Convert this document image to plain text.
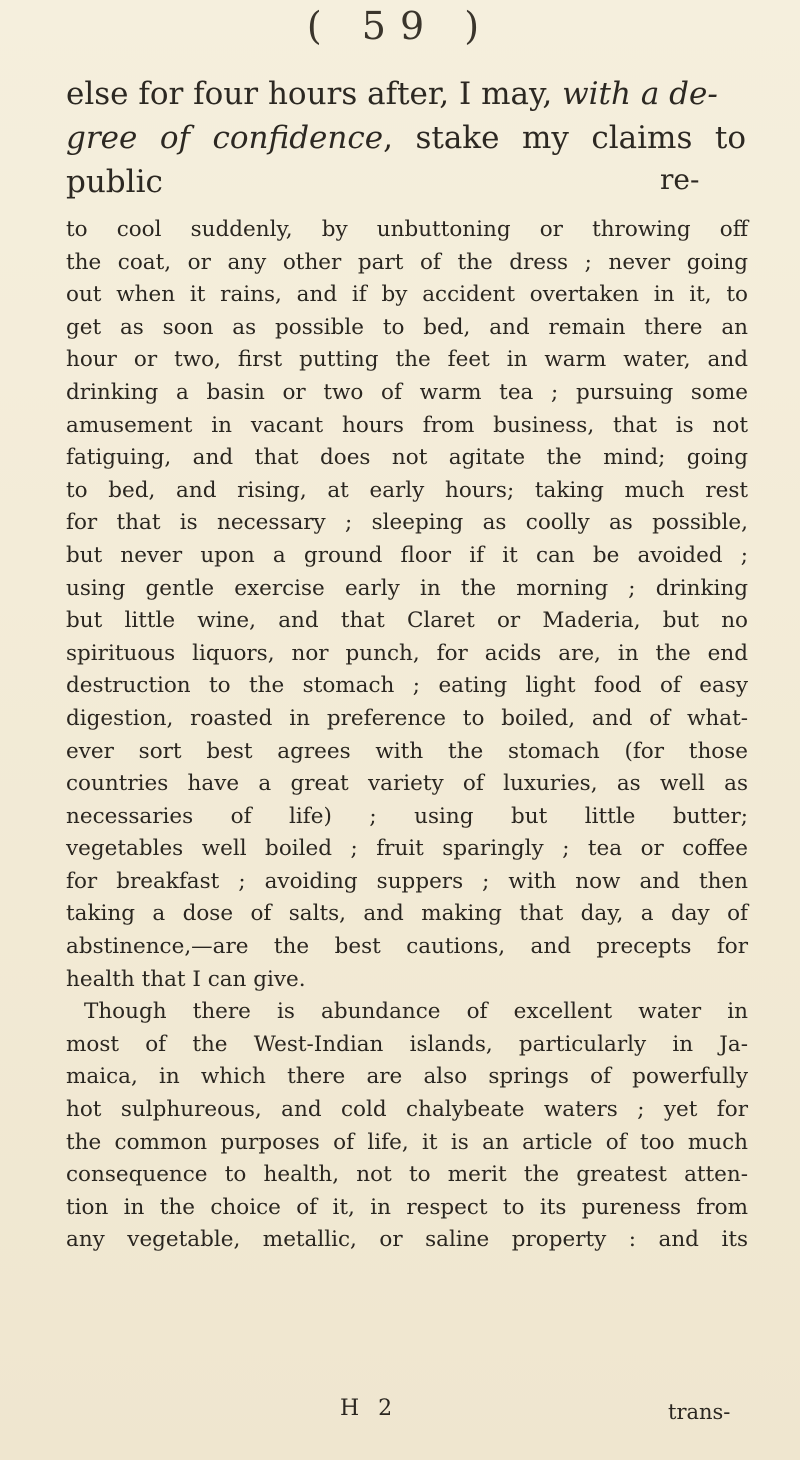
( 59 )
else for four hours after, I may, with a de-
gree of confidence, stake my claims to public	re-
to cool suddenly, by unbuttoning or throwing off
the coat, or any other part of the dress ; never going
out when it rains, and if by accident overtaken in it, to
get as soon as possible to bed, and remain there an
hour or two, first putting the feet in warm water, and
drinking a basin or two of warm tea ; pursuing some
amusement in vacant hours from business, that is not
fatiguing, and that does not agitate the mind; going
to bed, and rising, at early hours; taking much rest
for that is necessary ; sleeping as coolly as possible,
but never upon a ground floor if it can be avoided ;
using gentle exercise early in the morning ; drinking
but little wine, and that Claret or Maderia, but no
spirituous liquors, nor punch, for acids are, in the end
destruction to the stomach ; eating light food of easy
digestion, roasted in preference to boiled, and of what-
ever sort best agrees with the stomach (for those
countries have a great variety of luxuries, as well as
necessaries of life) ; using but little butter;
vegetables well boiled ; fruit sparingly ; tea or coffee
for breakfast ; avoiding suppers ; with now and then
taking a dose of salts, and making that day, a day of
abstinence,—are the best cautions, and precepts for
health that I can give.
Though there is abundance of excellent water in
most of the West-Indian islands, particularly in Ja-
maica, in which there are also springs of powerfully
hot sulphureous, and cold chalybeate waters ; yet for
the common purposes of life, it is an article of too much
consequence to health, not to merit the greatest atten-
tion in the choice of it, in respect to its pureness from
any vegetable, metallic, or saline property : and its
H 2	trans-
